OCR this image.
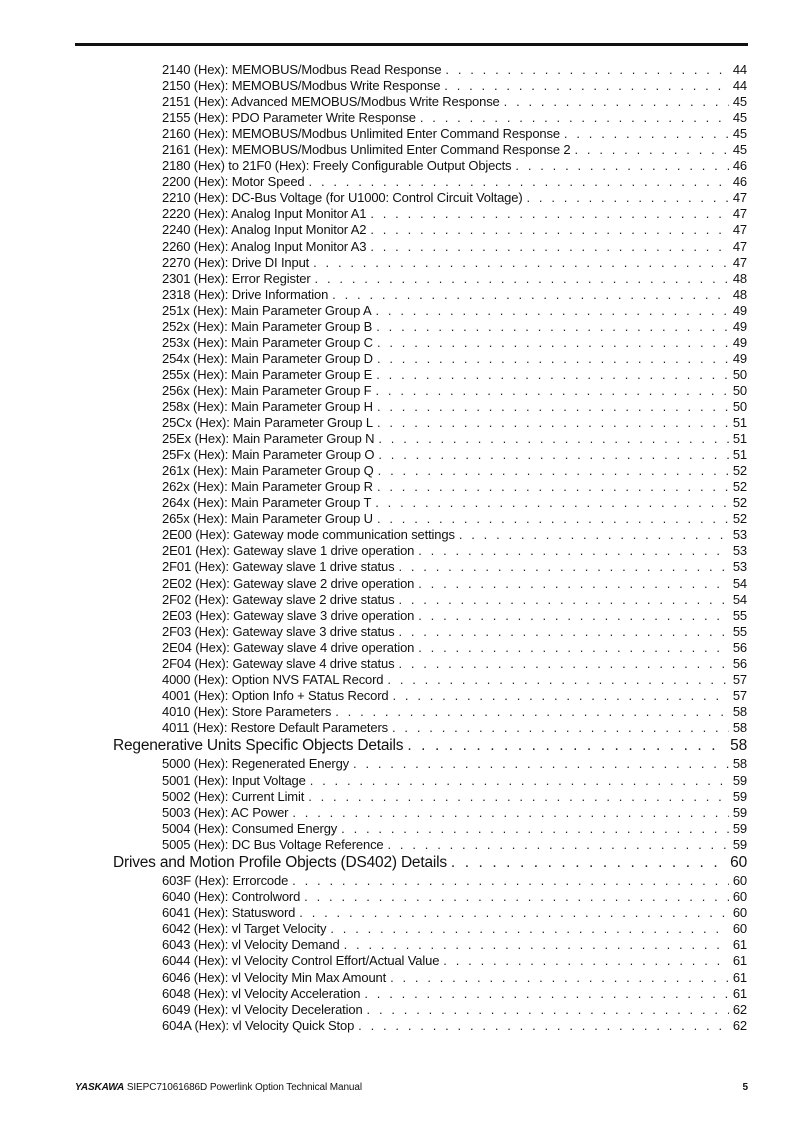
2140 (Hex): MEMOBUS/Modbus Read Response . . .	44
2150 (Hex): MEMOBUS/Modbus Write Response . . .	44
2151 (Hex): Advanced MEMOBUS/Modbus Write Response . . .	45
2155 (Hex): PDO Parameter Write Response . . .	45
2160 (Hex): MEMOBUS/Modbus Unlimited Enter Command Response . . .	45
2161 (Hex): MEMOBUS/Modbus Unlimited Enter Command Response 2 . . .	45
2180 (Hex) to 21F0 (Hex): Freely Configurable Output Objects . . .	46
2200 (Hex): Motor Speed . . .	46
2210 (Hex): DC-Bus Voltage (for U1000: Control Circuit Voltage) . . .	47
2220 (Hex): Analog Input Monitor A1 . . .	47
2240 (Hex): Analog Input Monitor A2 . . .	47
2260 (Hex): Analog Input Monitor A3 . . .	47
2270 (Hex): Drive DI Input . . .	47
2301 (Hex): Error Register . . .	48
2318 (Hex): Drive Information . . .	48
251x (Hex): Main Parameter Group A . . .	49
252x (Hex): Main Parameter Group B . . .	49
253x (Hex): Main Parameter Group C . . .	49
254x (Hex): Main Parameter Group D . . .	49
255x (Hex): Main Parameter Group E . . .	50
256x (Hex): Main Parameter Group F . . .	50
258x (Hex): Main Parameter Group H . . .	50
25Cx (Hex): Main Parameter Group L . . .	51
25Ex (Hex): Main Parameter Group N . . .	51
25Fx (Hex): Main Parameter Group O . . .	51
261x (Hex): Main Parameter Group Q . . .	52
262x (Hex): Main Parameter Group R . . .	52
264x (Hex): Main Parameter Group T . . .	52
265x (Hex): Main Parameter Group U . . .	52
2E00 (Hex): Gateway mode communication settings . . .	53
2E01 (Hex): Gateway slave 1 drive operation . . .	53
2F01 (Hex): Gateway slave 1 drive status . . .	53
2E02 (Hex): Gateway slave 2 drive operation . . .	54
2F02 (Hex): Gateway slave 2 drive status . . .	54
2E03 (Hex): Gateway slave 3 drive operation . . .	55
2F03 (Hex): Gateway slave 3 drive status . . .	55
2E04 (Hex): Gateway slave 4 drive operation . . .	56
2F04 (Hex): Gateway slave 4 drive status . . .	56
4000 (Hex): Option NVS FATAL Record . . .	57
4001 (Hex): Option Info + Status Record . . .	57
4010 (Hex): Store Parameters . . .	58
4011 (Hex): Restore Default Parameters . . .	58
Regenerative Units Specific Objects Details . . .	58
5000 (Hex): Regenerated Energy . . .	58
5001 (Hex): Input Voltage . . .	59
5002 (Hex): Current Limit . . .	59
5003 (Hex): AC Power . . .	59
5004 (Hex): Consumed Energy . . .	59
5005 (Hex): DC Bus Voltage Reference . . .	59
Drives and Motion Profile Objects (DS402) Details . . .	60
603F (Hex): Errorcode . . .	60
6040 (Hex): Controlword . . .	60
6041 (Hex): Statusword . . .	60
6042 (Hex): vl Target Velocity . . .	60
6043 (Hex): vl Velocity Demand . . .	61
6044 (Hex): vl Velocity Control Effort/Actual Value . . .	61
6046 (Hex): vl Velocity Min Max Amount . . .	61
6048 (Hex): vl Velocity Acceleration . . .	61
6049 (Hex): vl Velocity Deceleration . . .	62
604A (Hex): vl Velocity Quick Stop . . .	62
YASKAWA SIEPC71061686D Powerlink Option Technical Manual	5
